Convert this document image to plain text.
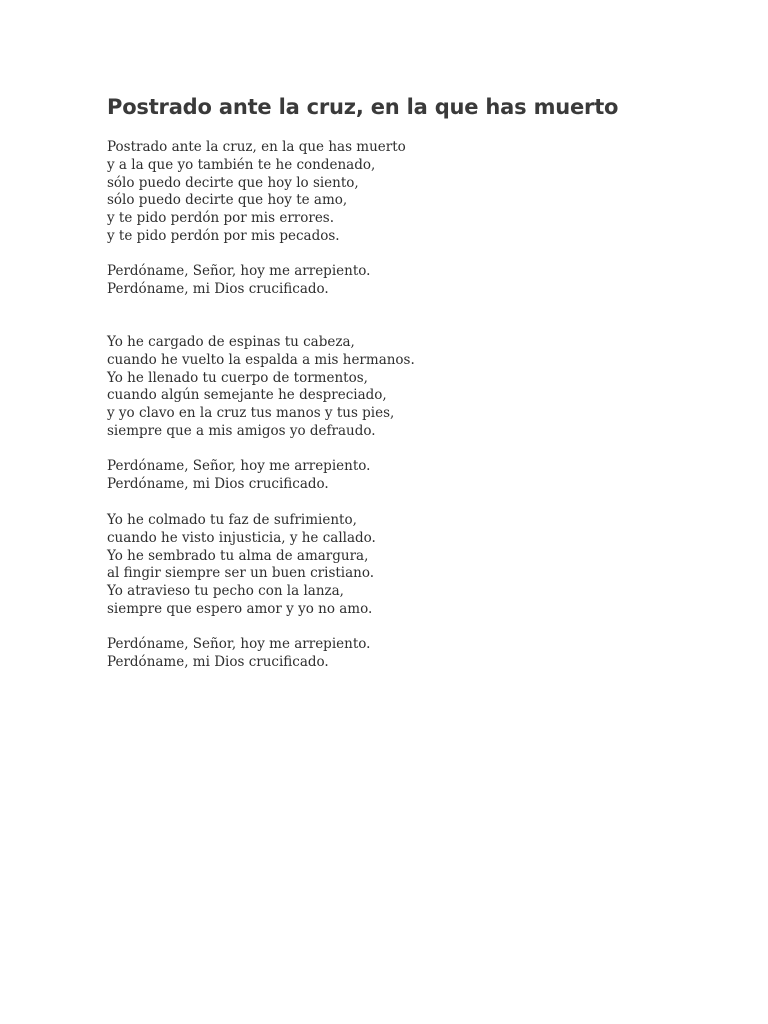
Postrado ante la cruz, en la que has muerto
Postrado ante la cruz, en la que has muerto
y a la que yo también te he condenado,
sólo puedo decirte que hoy lo siento,
sólo puedo decirte que hoy te amo,
y te pido perdón por mis errores.
y te pido perdón por mis pecados.
Perdóname, Señor, hoy me arrepiento.
Perdóname, mi Dios crucificado.
Yo he cargado de espinas tu cabeza,
cuando he vuelto la espalda a mis hermanos.
Yo he llenado tu cuerpo de tormentos,
cuando algún semejante he despreciado,
y yo clavo en la cruz tus manos y tus pies,
siempre que a mis amigos yo defraudo.
Perdóname, Señor, hoy me arrepiento.
Perdóname, mi Dios crucificado.
Yo he colmado tu faz de sufrimiento,
cuando he visto injusticia, y he callado.
Yo he sembrado tu alma de amargura,
al fingir siempre ser un buen cristiano.
Yo atravieso tu pecho con la lanza,
siempre que espero amor y yo no amo.
Perdóname, Señor, hoy me arrepiento.
Perdóname, mi Dios crucificado.
